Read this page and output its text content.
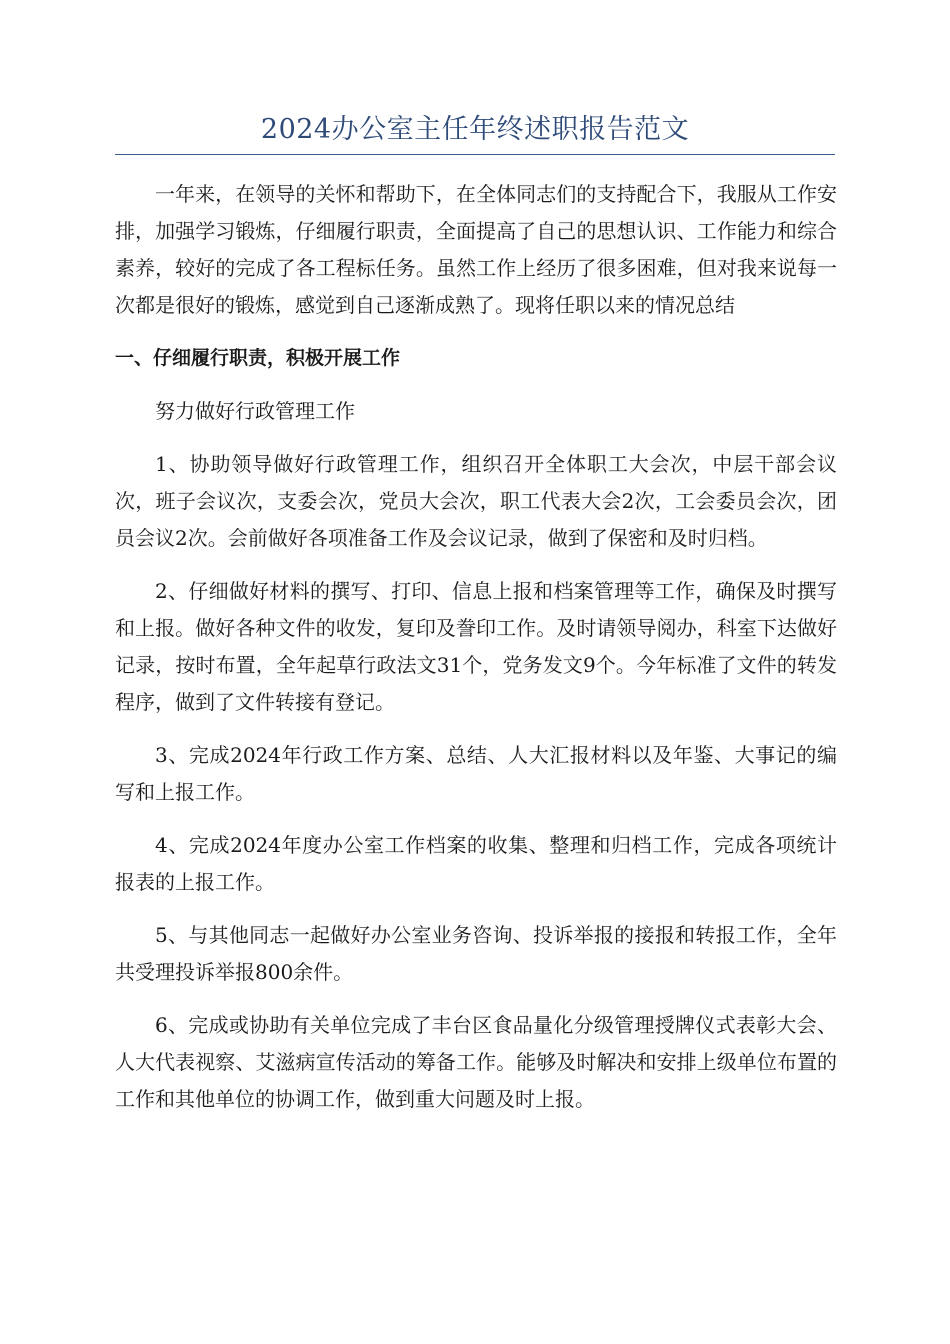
2024办公室主任年终述职报告范文

一年来，在领导的关怀和帮助下，在全体同志们的支持配合下，我服从工作安排，加强学习锻炼，仔细履行职责，全面提高了自己的思想认识、工作能力和综合素养，较好的完成了各工程标任务。虽然工作上经历了很多困难，但对我来说每一次都是很好的锻炼，感觉到自己逐渐成熟了。现将任职以来的情况总结

一、仔细履行职责，积极开展工作

努力做好行政管理工作

1、协助领导做好行政管理工作，组织召开全体职工大会次，中层干部会议次，班子会议次，支委会次，党员大会次，职工代表大会2次，工会委员会次，团员会议2次。会前做好各项准备工作及会议记录，做到了保密和及时归档。

2、仔细做好材料的撰写、打印、信息上报和档案管理等工作，确保及时撰写和上报。做好各种文件的收发，复印及誊印工作。及时请领导阅办，科室下达做好记录，按时布置，全年起草行政法文31个，党务发文9个。今年标准了文件的转发程序，做到了文件转接有登记。

3、完成2024年行政工作方案、总结、人大汇报材料以及年鉴、大事记的编写和上报工作。

4、完成2024年度办公室工作档案的收集、整理和归档工作，完成各项统计报表的上报工作。

5、与其他同志一起做好办公室业务咨询、投诉举报的接报和转报工作，全年共受理投诉举报800余件。

6、完成或协助有关单位完成了丰台区食品量化分级管理授牌仪式表彰大会、人大代表视察、艾滋病宣传活动的筹备工作。能够及时解决和安排上级单位布置的工作和其他单位的协调工作，做到重大问题及时上报。
